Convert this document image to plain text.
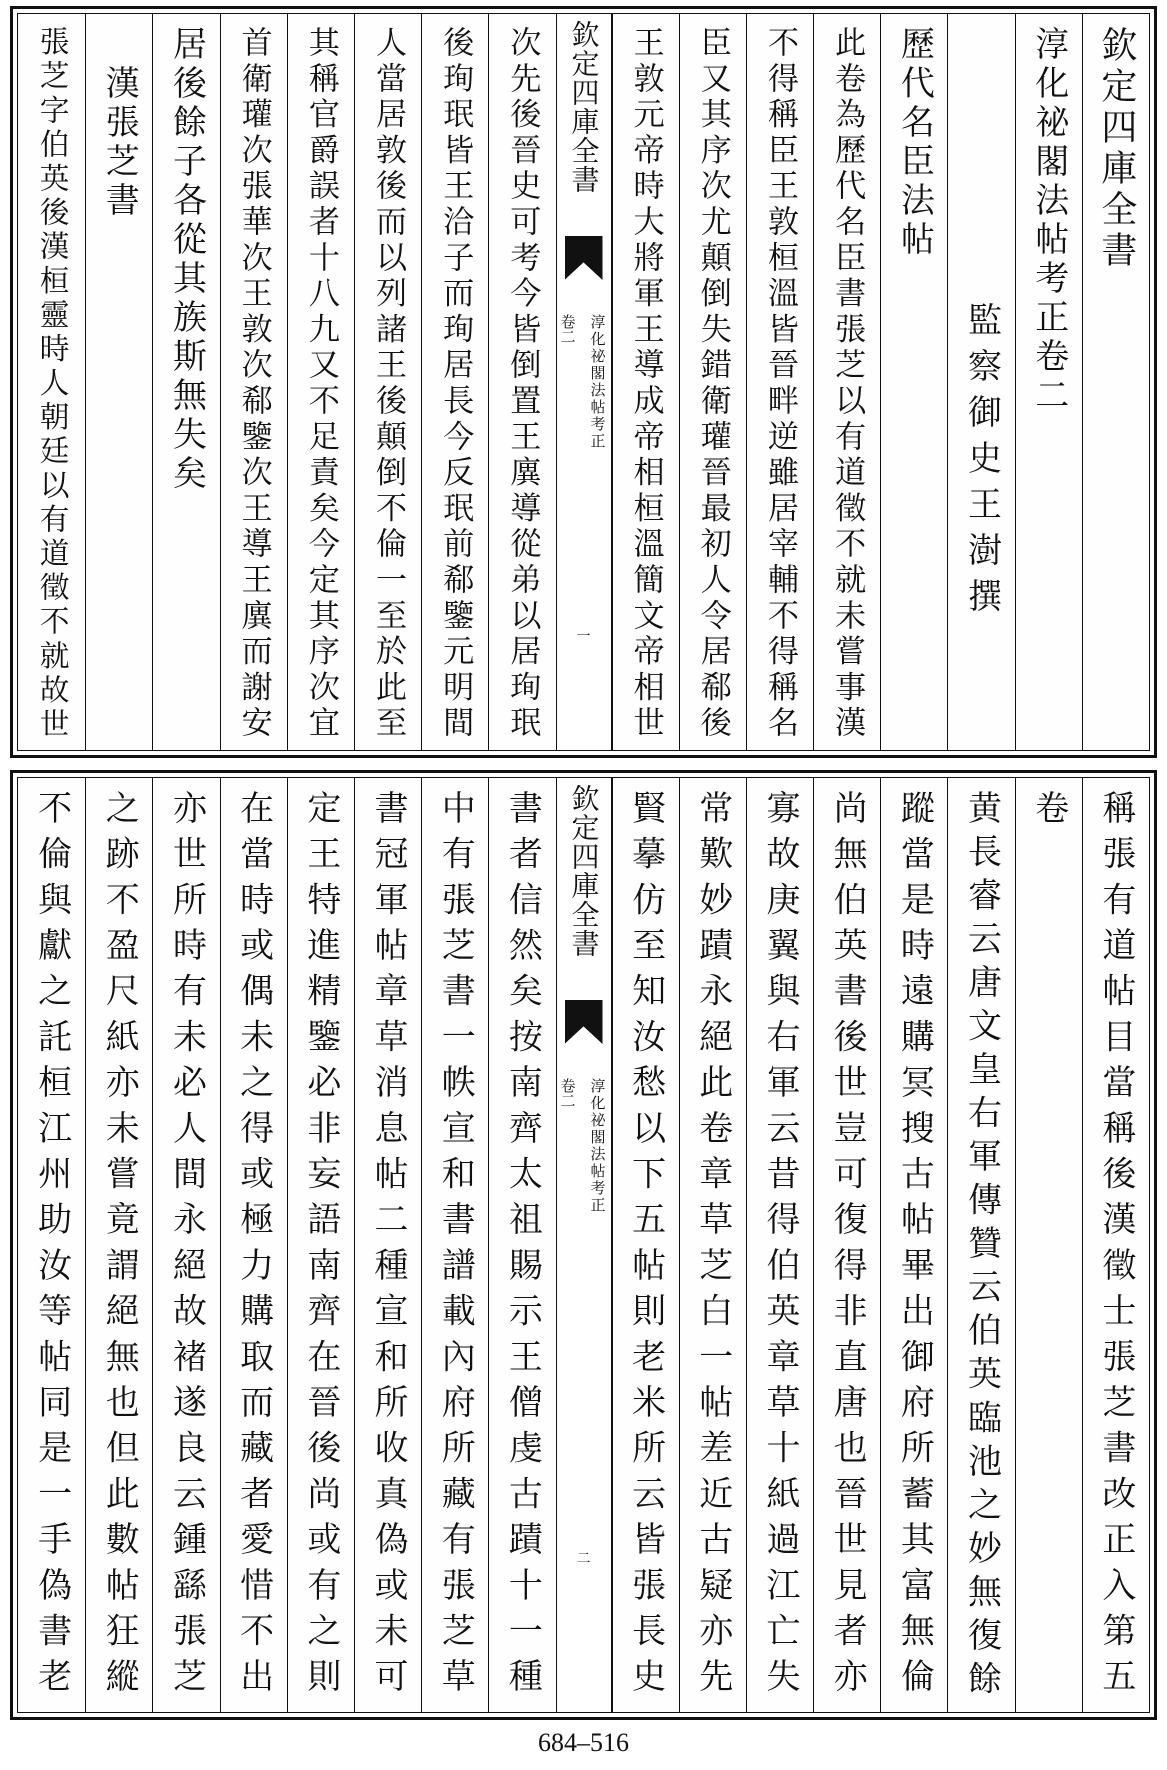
張芝字伯英後漢桓靈時人朝廷以有道徵不就故世 　漢張芝書 居後餘子各從其族斯無失矣 首衛瓘次張華次王敦次郗鑒次王導王廙而謝安 其稱官爵誤者十八九又不足責矣今定其序次宜 人當居敦後而以列諸王後顛倒不倫一至於此至 後珣珉皆王洽子而珣居長今反珉前郗鑒元明間 次先後晉史可考今皆倒置王廙導從弟以居珣珉 欽定四庫全書
淳化祕閣法帖考正
卷二
一	王敦元帝時大將軍王導成帝相桓溫簡文帝相世 臣又其序次尤顛倒失錯衛瓘晉最初人令居郗後 不得稱臣王敦桓溫皆晉畔逆雖居宰輔不得稱名 此卷為歷代名臣書張芝以有道徵不就未嘗事漢 歷代名臣法帖 　　　　　　監察御史王澍撰 淳化祕閣法帖考正卷二 欽定四庫全書
不倫與獻之託桓江州助汝等帖同是一手偽書老 之跡不盈尺紙亦未嘗竟謂絕無也但此數帖狂縱 亦世所時有未必人間永絕故褚遂良云鍾繇張芝 在當時或偶未之得或極力購取而藏者愛惜不出 定王特進精鑒必非妄語南齊在晉後尚或有之則 書冠軍帖章草消息帖二種宣和所收真偽或未可 中有張芝書一帙宣和書譜載內府所藏有張芝草 書者信然矣按南齊太祖賜示王僧虔古蹟十一種 欽定四庫全書
淳化祕閣法帖考正
卷二
二 賢摹仿至知汝愁以下五帖則老米所云皆張長史 常歎妙蹟永絕此卷章草芝白一帖差近古疑亦先 寡故庚翼與右軍云昔得伯英章草十紙過江亡失 尚無伯英書後世豈可復得非直唐也晉世見者亦 蹤當是時遠購冥搜古帖畢出御府所蓄其富無倫 黄長睿云唐文皇右軍傳贊云伯英臨池之妙無復餘 卷 稱張有道帖目當稱後漢徵士張芝書改正入第五
684–516
